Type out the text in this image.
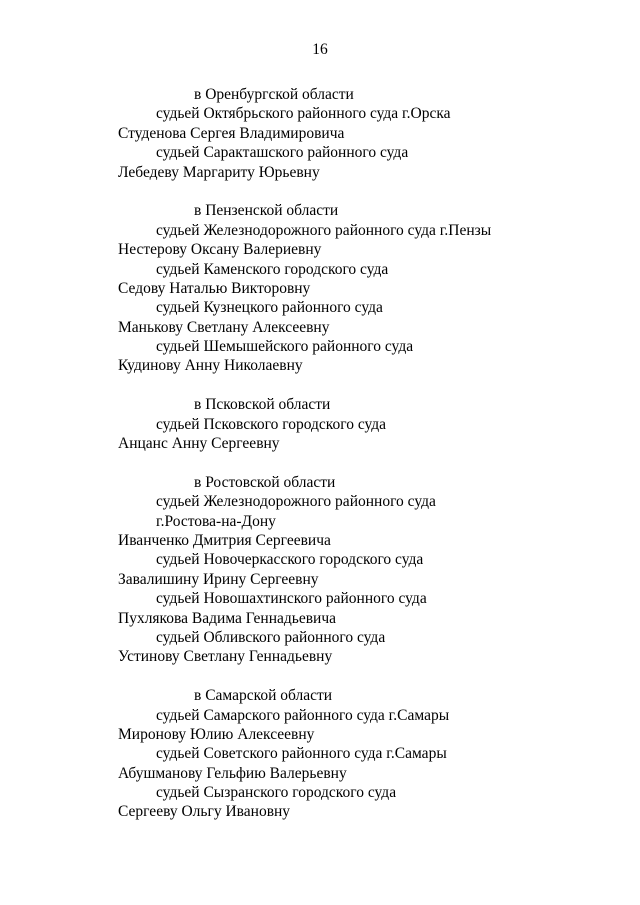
16
в Оренбургской области
судьей Октябрьского районного суда г.Орска
Студенова Сергея Владимировича
судьей Саракташского районного суда
Лебедеву Маргариту Юрьевну
в Пензенской области
судьей Железнодорожного районного суда г.Пензы
Нестерову Оксану Валериевну
судьей Каменского городского суда
Седову Наталью Викторовну
судьей Кузнецкого районного суда
Манькову Светлану Алексеевну
судьей Шемышейского районного суда
Кудинову Анну Николаевну
в Псковской области
судьей Псковского городского суда
Анцанс Анну Сергеевну
в Ростовской области
судьей Железнодорожного районного суда
г.Ростова-на-Дону
Иванченко Дмитрия Сергеевича
судьей Новочеркасского городского суда
Завалишину Ирину Сергеевну
судьей Новошахтинского районного суда
Пухлякова Вадима Геннадьевича
судьей Обливского районного суда
Устинову Светлану Геннадьевну
в Самарской области
судьей Самарского районного суда г.Самары
Миронову Юлию Алексеевну
судьей Советского районного суда г.Самары
Абушманову Гельфию Валерьевну
судьей Сызранского городского суда
Сергееву Ольгу Ивановну
